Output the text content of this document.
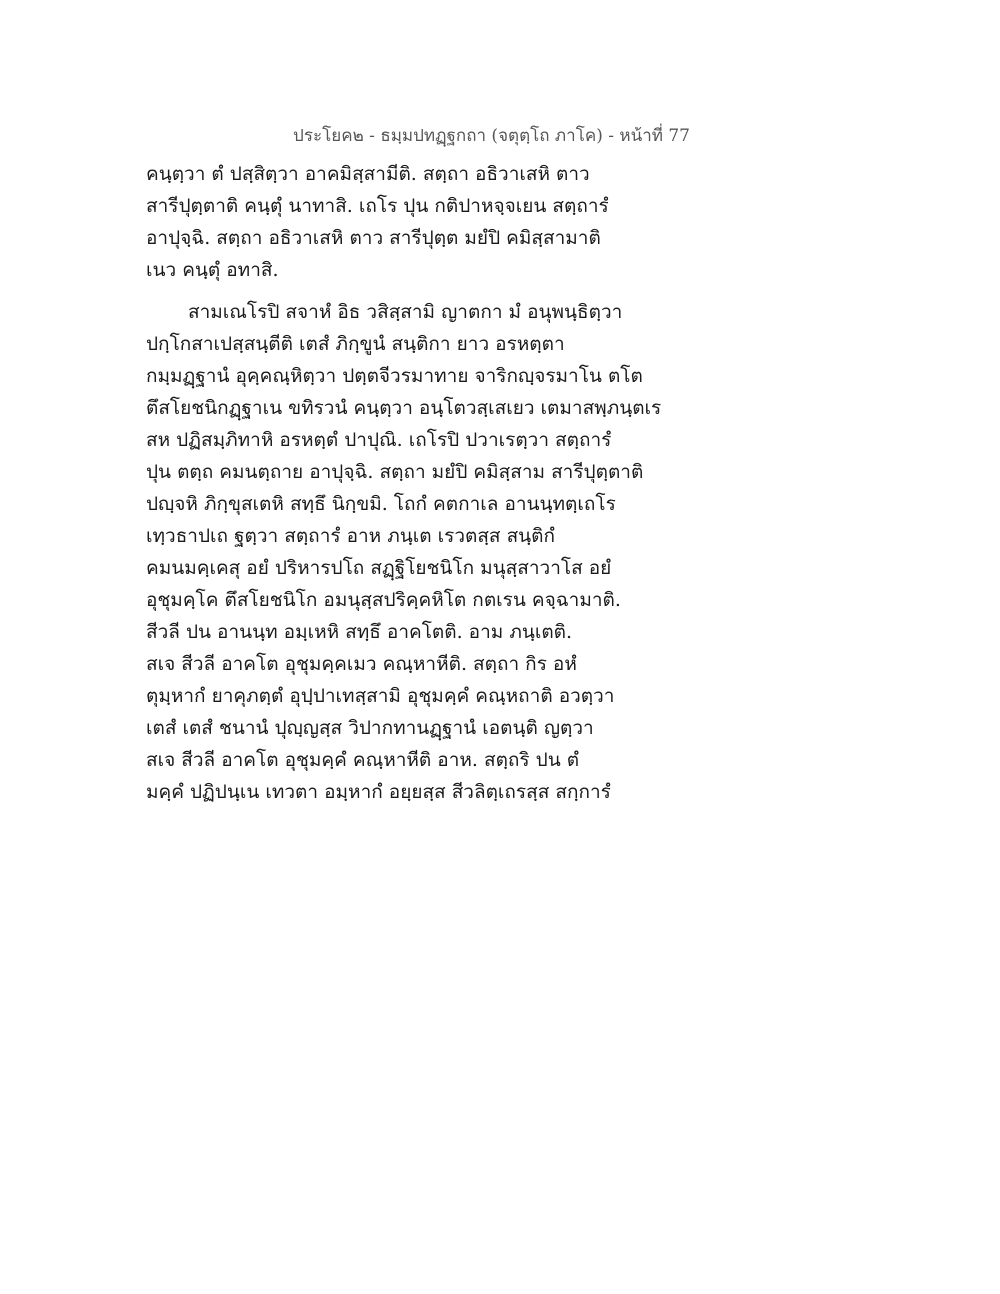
ประโยค๒ - ธมฺมปทฏฺฐกถา (จตุตฺโถ ภาโค) - หน้าที่ 77
คนฺตฺวา ตํ ปสฺสิตฺวา อาคมิสฺสามีติ. สตฺถา อธิวาเสหิ ตาว
สารีปุตฺตาติ คนฺตุํ นาทาสิ. เถโร ปุน กติปาหจฺจเยน สตฺถารํ
อาปุจฺฉิ. สตฺถา อธิวาเสหิ ตาว สารีปุตฺต มยํปิ คมิสฺสามาติ
เนว คนฺตุํ อทาสิ.
สามเณโรปิ สจาหํ อิธ วสิสฺสามิ ญาตกา มํ อนุพนฺธิตฺวา
ปกฺโกสาเปสฺสนฺตีติ เตสํ ภิกฺขูนํ สนฺติกา ยาว อรหตฺตา
กมฺมฏฺฐานํ อุคฺคณฺหิตฺวา ปตฺตจีวรมาทาย จาริกญฺจรมาโน ตโต
ตึสโยชนิกฏฺฐาเน ขทิรวนํ คนฺตฺวา อนฺโตวสฺเสเยว เตมาสพฺภนฺตเร
สห ปฏิสมฺภิทาหิ อรหตฺตํ ปาปุณิ. เถโรปิ ปวาเรตฺวา สตฺถารํ
ปุน ตตฺถ คมนตฺถาย อาปุจฺฉิ. สตฺถา มยํปิ คมิสฺสาม สารีปุตฺตาติ
ปญฺจหิ ภิกฺขุสเตหิ สทฺธึ นิกฺขมิ. โถกํ คตกาเล อานนฺทตฺเถโร
เทฺวธาปเถ ฐตฺวา สตฺถารํ อาห ภนฺเต เรวตสฺส สนฺติกํ
คมนมคฺเคสุ อยํ ปริหารปโถ สฏฺฐิโยชนิโก มนุสฺสาวาโส อยํ
อุชุมคฺโค ตึสโยชนิโก อมนุสฺสปริคฺคหิโต กตเรน คจฺฉามาติ.
สีวลี ปน อานนฺท อมฺเหหิ สทฺธึ อาคโตติ. อาม ภนฺเตติ.
สเจ สีวลี อาคโต อุชุมคฺคเมว คณฺหาหีติ. สตฺถา กิร อหํ
ตุมฺหากํ ยาคุภตฺตํ อุปฺปาเทสฺสามิ อุชุมคฺคํ คณฺหถาติ อวตฺวา
เตสํ เตสํ ชนานํ ปุญฺญสฺส วิปากทานฏฺฐานํ เอตนฺติ ญตฺวา
สเจ สีวลี อาคโต อุชุมคฺคํ คณฺหาหีติ อาห. สตฺถริ ปน ตํ
มคฺคํ ปฏิปนฺเน เทวตา อมฺหากํ อยฺยสฺส สีวลิตฺเถรสฺส สกฺการํ
